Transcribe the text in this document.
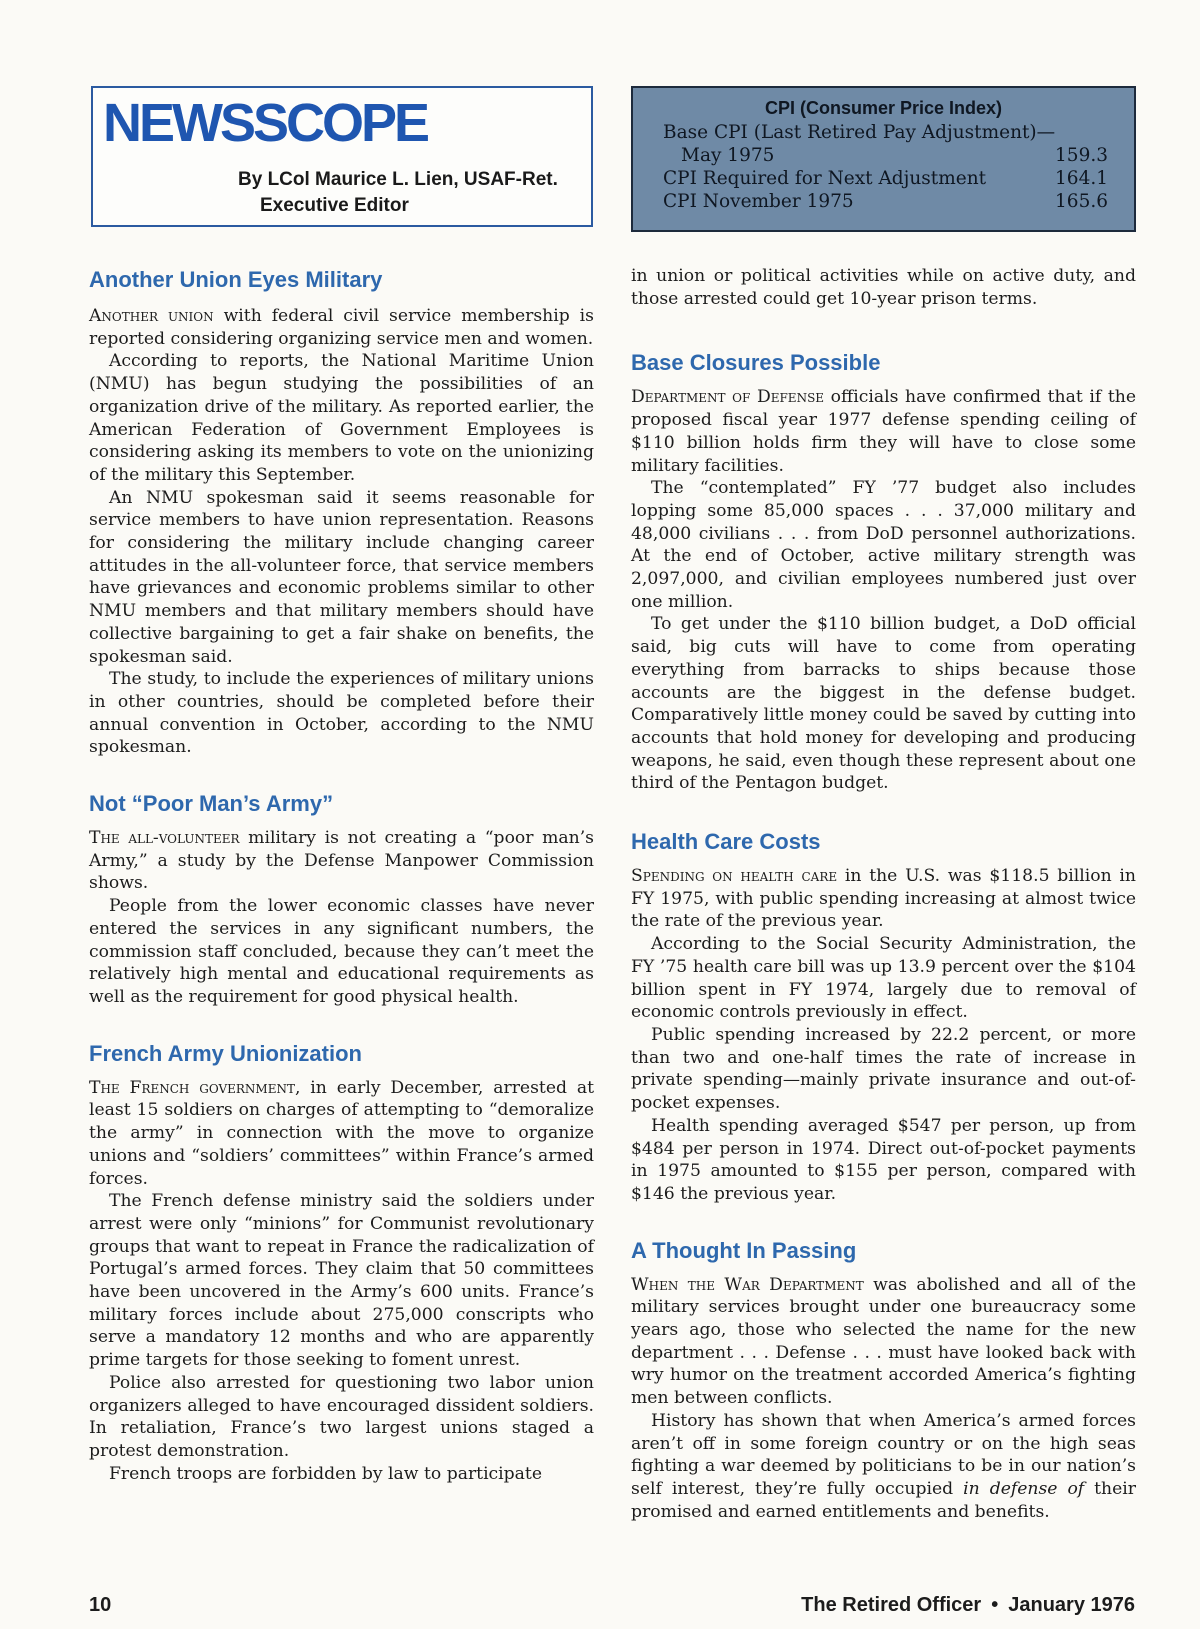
NEWSSCOPE
By LCol Maurice L. Lien, USAF-Ret.
Executive Editor
CPI (Consumer Price Index)
Base CPI (Last Retired Pay Adjustment)—
May 1975	159.3
CPI Required for Next Adjustment	164.1
CPI November 1975	165.6
Another Union Eyes Military

Another union with federal civil service membership is reported considering organizing service men and women.

According to reports, the National Maritime Union (NMU) has begun studying the possibilities of an organization drive of the military. As reported earlier, the American Federation of Government Employees is considering asking its members to vote on the unionizing of the military this September.

An NMU spokesman said it seems reasonable for service members to have union representation. Reasons for considering the military include changing career attitudes in the all-volunteer force, that service members have grievances and economic problems similar to other NMU members and that military members should have collective bargaining to get a fair shake on benefits, the spokesman said.

The study, to include the experiences of military unions in other countries, should be completed before their annual convention in October, according to the NMU spokesman.

Not “Poor Man’s Army”

The all-volunteer military is not creating a “poor man’s Army,” a study by the Defense Manpower Commission shows.

People from the lower economic classes have never entered the services in any significant numbers, the commission staff concluded, because they can’t meet the relatively high mental and educational requirements as well as the requirement for good physical health.

French Army Unionization

The French government, in early December, arrested at least 15 soldiers on charges of attempting to “demoralize the army” in connection with the move to organize unions and “soldiers’ committees” within France’s armed forces.

The French defense ministry said the soldiers under arrest were only “minions” for Communist revolutionary groups that want to repeat in France the radicalization of Portugal’s armed forces. They claim that 50 committees have been uncovered in the Army’s 600 units. France’s military forces include about 275,000 conscripts who serve a mandatory 12 months and who are apparently prime targets for those seeking to foment unrest.

Police also arrested for questioning two labor union organizers alleged to have encouraged dissident soldiers. In retaliation, France’s two largest unions staged a protest demonstration.

French troops are forbidden by law to participate

in union or political activities while on active duty, and those arrested could get 10-year prison terms.

Base Closures Possible

Department of Defense officials have confirmed that if the proposed fiscal year 1977 defense spending ceiling of $110 billion holds firm they will have to close some military facilities.

The “contemplated” FY ’77 budget also includes lopping some 85,000 spaces . . . 37,000 military and 48,000 civilians . . . from DoD personnel authorizations. At the end of October, active military strength was 2,097,000, and civilian employees numbered just over one million.

To get under the $110 billion budget, a DoD official said, big cuts will have to come from operating everything from barracks to ships because those accounts are the biggest in the defense budget. Comparatively little money could be saved by cutting into accounts that hold money for developing and producing weapons, he said, even though these represent about one third of the Pentagon budget.

Health Care Costs

Spending on health care in the U.S. was $118.5 billion in FY 1975, with public spending increasing at almost twice the rate of the previous year.

According to the Social Security Administration, the FY ’75 health care bill was up 13.9 percent over the $104 billion spent in FY 1974, largely due to removal of economic controls previously in effect.

Public spending increased by 22.2 percent, or more than two and one-half times the rate of increase in private spending—mainly private insurance and out-of-pocket expenses.

Health spending averaged $547 per person, up from $484 per person in 1974. Direct out-of-pocket payments in 1975 amounted to $155 per person, compared with $146 the previous year.

A Thought In Passing

When the War Department was abolished and all of the military services brought under one bureaucracy some years ago, those who selected the name for the new department . . . Defense . . . must have looked back with wry humor on the treatment accorded America’s fighting men between conflicts.

History has shown that when America’s armed forces aren’t off in some foreign country or on the high seas fighting a war deemed by politicians to be in our nation’s self interest, they’re fully occupied in defense of their promised and earned entitlements and benefits.

10	The Retired Officer • January 1976
